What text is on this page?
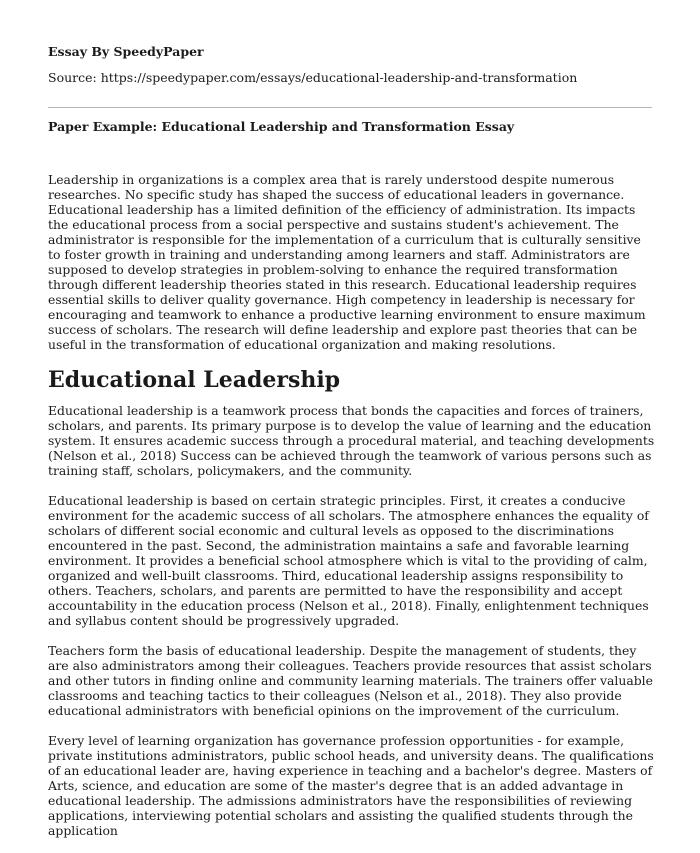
Essay By SpeedyPaper

Source: https://speedypaper.com/essays/educational-leadership-and-transformation

Paper Example: Educational Leadership and Transformation Essay

Leadership in organizations is a complex area that is rarely understood despite numerous researches. No specific study has shaped the success of educational leaders in governance. Educational leadership has a limited definition of the efficiency of administration. Its impacts the educational process from a social perspective and sustains student's achievement. The administrator is responsible for the implementation of a curriculum that is culturally sensitive to foster growth in training and understanding among learners and staff. Administrators are supposed to develop strategies in problem-solving to enhance the required transformation through different leadership theories stated in this research. Educational leadership requires essential skills to deliver quality governance. High competency in leadership is necessary for encouraging and teamwork to enhance a productive learning environment to ensure maximum success of scholars. The research will define leadership and explore past theories that can be useful in the transformation of educational organization and making resolutions.

Educational Leadership

Educational leadership is a teamwork process that bonds the capacities and forces of trainers, scholars, and parents. Its primary purpose is to develop the value of learning and the education system. It ensures academic success through a procedural material, and teaching developments (Nelson et al., 2018) Success can be achieved through the teamwork of various persons such as training staff, scholars, policymakers, and the community.

Educational leadership is based on certain strategic principles. First, it creates a conducive environment for the academic success of all scholars. The atmosphere enhances the equality of scholars of different social economic and cultural levels as opposed to the discriminations encountered in the past. Second, the administration maintains a safe and favorable learning environment. It provides a beneficial school atmosphere which is vital to the providing of calm, organized and well-built classrooms. Third, educational leadership assigns responsibility to others. Teachers, scholars, and parents are permitted to have the responsibility and accept accountability in the education process (Nelson et al., 2018). Finally, enlightenment techniques and syllabus content should be progressively upgraded.

Teachers form the basis of educational leadership. Despite the management of students, they are also administrators among their colleagues. Teachers provide resources that assist scholars and other tutors in finding online and community learning materials. The trainers offer valuable classrooms and teaching tactics to their colleagues (Nelson et al., 2018). They also provide educational administrators with beneficial opinions on the improvement of the curriculum.

Every level of learning organization has governance profession opportunities - for example, private institutions administrators, public school heads, and university deans. The qualifications of an educational leader are, having experience in teaching and a bachelor's degree. Masters of Arts, science, and education are some of the master's degree that is an added advantage in educational leadership. The admissions administrators have the responsibilities of reviewing applications, interviewing potential scholars and assisting the qualified students through the application
